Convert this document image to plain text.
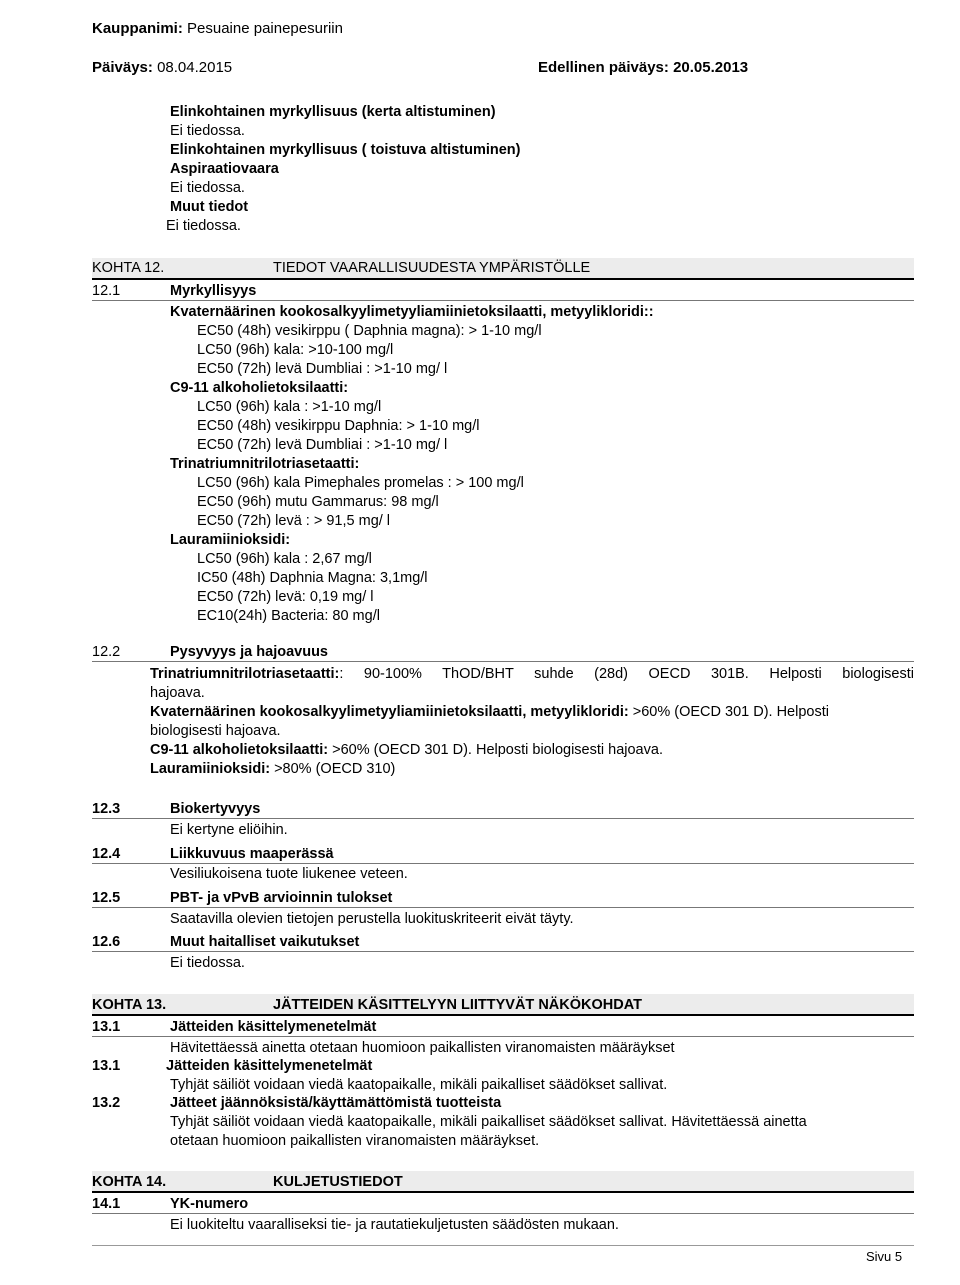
Kauppanimi: Pesuaine painepesuriin
Päiväys: 08.04.2015	Edellinen päiväys: 20.05.2013
Elinkohtainen myrkyllisuus (kerta altistuminen)
Ei tiedossa.
Elinkohtainen myrkyllisuus ( toistuva altistuminen)
Aspiraatiovaara
Ei tiedossa.
Muut tiedot
Ei tiedossa.
KOHTA 12.	TIEDOT VAARALLISUUDESTA YMPÄRISTÖLLE
12.1	Myrkyllisyys
Kvaternäärinen kookosalkyylimetyyliamiinietoksilaatti, metyylikloridi::
EC50 (48h) vesikirppu ( Daphnia magna): > 1-10 mg/l
LC50 (96h) kala: >10-100 mg/l
EC50 (72h) levä Dumbliai : >1-10 mg/ l
C9-11 alkoholietoksilaatti:
LC50 (96h) kala : >1-10 mg/l
EC50 (48h) vesikirppu Daphnia: > 1-10 mg/l
EC50 (72h) levä Dumbliai : >1-10 mg/ l
Trinatriumnitrilotriasetaatti:
LC50 (96h) kala Pimephales promelas : > 100 mg/l
EC50 (96h) mutu Gammarus: 98 mg/l
EC50 (72h) levä : > 91,5 mg/ l
Lauramiinioksidi:
LC50 (96h) kala : 2,67 mg/l
IC50 (48h) Daphnia Magna: 3,1mg/l
EC50 (72h) levä: 0,19 mg/ l
EC10(24h) Bacteria: 80 mg/l
12.2	Pysyvyys ja hajoavuus
Trinatriumnitrilotriasetaatti:: 90-100% ThOD/BHT suhde (28d) OECD 301B. Helposti biologisesti
hajoava.
Kvaternäärinen kookosalkyylimetyyliamiinietoksilaatti, metyylikloridi: >60% (OECD 301 D). Helposti
biologisesti hajoava.
C9-11 alkoholietoksilaatti: >60% (OECD 301 D). Helposti biologisesti hajoava.
Lauramiinioksidi: >80% (OECD 310)
12.3	Biokertyvyys
Ei kertyne eliöihin.
12.4	Liikkuvuus maaperässä
Vesiliukoisena tuote liukenee veteen.
12.5	PBT- ja vPvB arvioinnin tulokset
Saatavilla olevien tietojen perustella luokituskriteerit eivät täyty.
12.6	Muut haitalliset vaikutukset
Ei tiedossa.
KOHTA 13.	JÄTTEIDEN KÄSITTELYYN LIITTYVÄT NÄKÖKOHDAT
13.1	Jätteiden käsittelymenetelmät
Hävitettäessä ainetta otetaan huomioon paikallisten viranomaisten määräykset
13.1	Jätteiden käsittelymenetelmät
Tyhjät säiliöt voidaan viedä kaatopaikalle, mikäli paikalliset säädökset sallivat.
13.2	Jätteet jäännöksistä/käyttämättömistä tuotteista
Tyhjät säiliöt voidaan viedä kaatopaikalle, mikäli paikalliset säädökset sallivat. Hävitettäessä ainetta
otetaan huomioon paikallisten viranomaisten määräykset.
KOHTA 14.	KULJETUSTIEDOT
14.1	YK-numero
Ei luokiteltu vaaralliseksi tie- ja rautatiekuljetusten säädösten mukaan.
Sivu 5
